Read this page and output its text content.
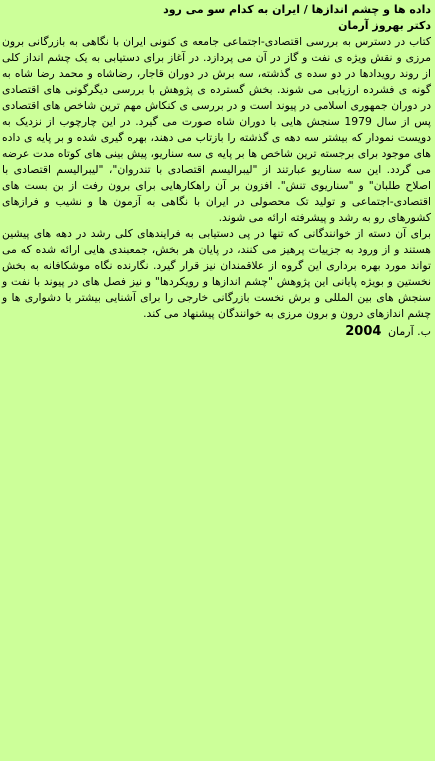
داده ها و چشم اندازها / ایران به کدام سو می رود
دکتر بهروز آرمان

کتاب در دسترس به بررسی اقتصادی-اجتماعی جامعه ی کنونی ایران با نگاهی به بازرگانی برون مرزی و نقش ویژه ی نفت و گاز در آن می پردازد. در آغاز برای دستیابی به یک چشم انداز کلی از روند رویدادها در دو سده ی گذشته، سه برش در دوران قاجار، رضاشاه و محمد رضا شاه به گونه ی فشرده ارزیابی می شوند. بخش گسترده ی پژوهش با بررسی دیگرگونی های اقتصادی در دوران جمهوری اسلامی در پیوند است و در بررسی ی کنکاش مهم ترین شاخص های اقتصادی پس از سال 1979 سنجش هایی با دوران شاه صورت می گیرد. در این چارچوب از نزدیک به دویست نمودار که بیشتر سه دهه ی گذشته را بازتاب می دهند، بهره گیری شده و بر پایه ی داده های موجود برای برجسته ترین شاخص ها بر پایه ی سه سناریو، پیش بینی های کوتاه مدت عرضه می گردد. این سه سناریو عبارتند از "لیبرالیسم اقتصادی با تندروان"، "لیبرالیسم اقتصادی با اصلاح طلبان" و "سناریوی تنش". افزون بر آن راهکارهایی برای برون رفت از بن بست های اقتصادی-اجتماعی و تولید تک محصولی در ایران با نگاهی به آزمون ها و نشیب و فرازهای کشورهای رو به رشد و پیشرفته ارائه می شوند.

برای آن دسته از خوانندگانی که تنها در پی دستیابی به فرایندهای کلی رشد در دهه های پیشین هستند و از ورود به جزییات پرهیز می کنند، در پایان هر بخش، جمعبندی هایی ارائه شده که می تواند مورد بهره برداری این گروه از علاقمندان نیز قرار گیرد. نگارنده نگاه موشکافانه به بخش نخستین و بویژه پایانی این پژوهش "چشم اندازها و رویکردها" و نیز فصل های در پیوند با نفت و سنجش های بین المللی و برش نخست بازرگانی خارجی را برای آشنایی بیشتر با دشواری ها و چشم اندازهای درون و برون مرزی به خوانندگان پیشنهاد می کند.

ب. آرمان 2004
